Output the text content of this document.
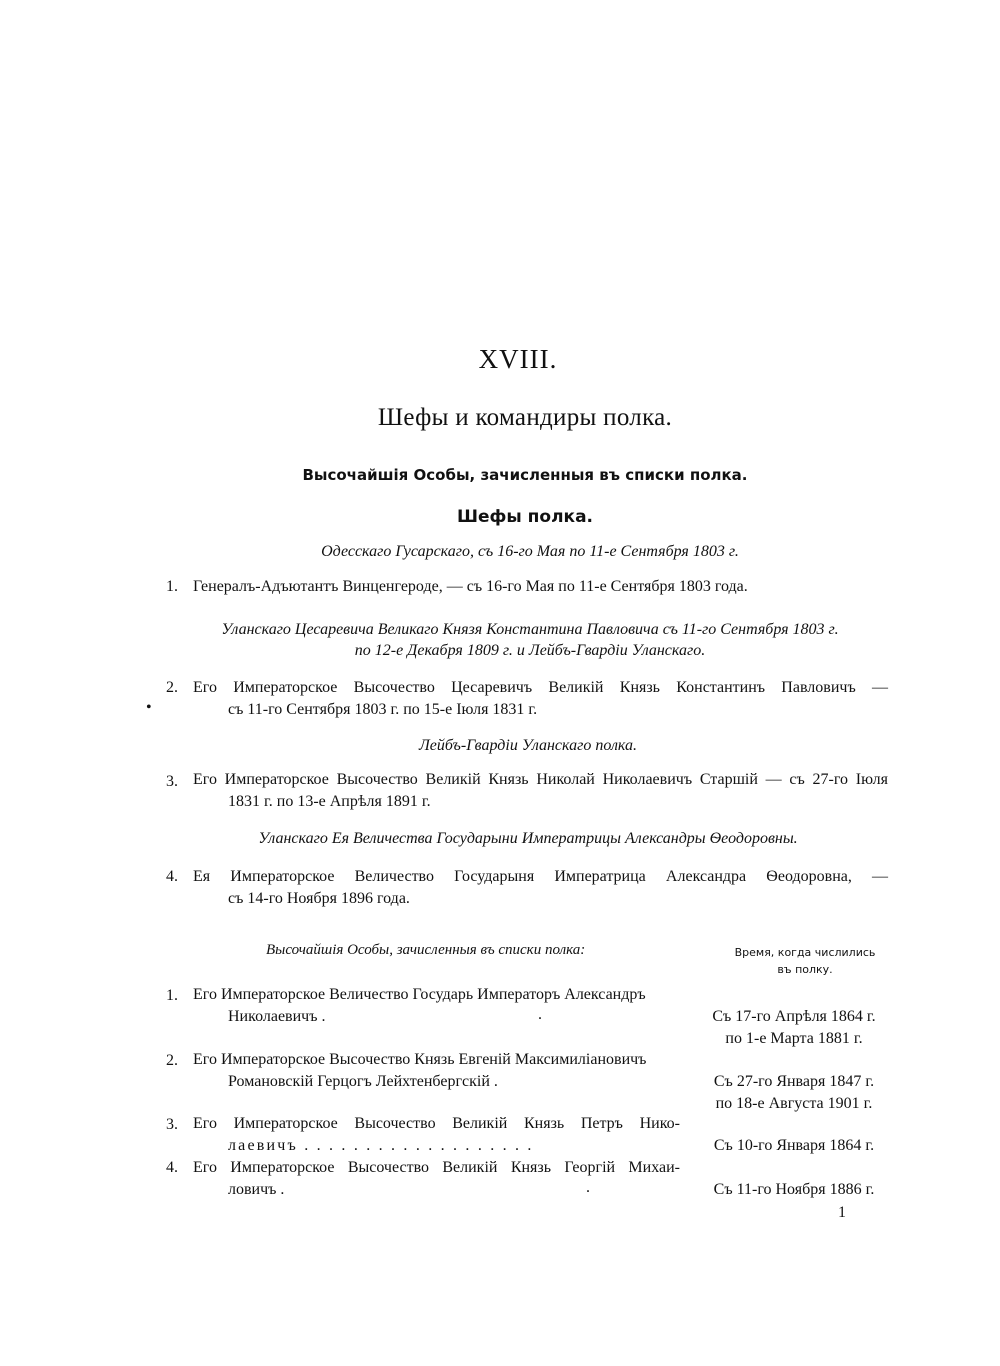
XVIII.
Шефы и командиры полка.
Высочайшія Особы, зачисленныя въ списки полка.
Шефы полка.
Одесскаго Гусарскаго, съ 16-го Мая по 11-е Сентября 1803 г.
1. Генералъ-Адъютантъ Винценгероде, — съ 16-го Мая по 11-е Сентября 1803 года.
Уланскаго Цесаревича Великаго Князя Константина Павловича съ 11-го Сентября 1803 г.
по 12-е Декабря 1809 г. и Лейбъ-Гвардіи Уланскаго.
2. Его Императорское Высочество Цесаревичъ Великій Князь Константинъ Павловичъ —
съ 11-го Сентября 1803 г. по 15-е Іюля 1831 г.
•
Лейбъ-Гвардіи Уланскаго полка.
3. Его Императорское Высочество Великій Князь Николай Николаевичъ Старшій — съ 27-го Іюля
1831 г. по 13-е Апрѣля 1891 г.
Уланскаго Ея Величества Государыни Императрицы Александры Ѳеодоровны.
4. Ея Императорское Величество Государыня Императрица Александра Ѳеодоровна, —
съ 14-го Ноября 1896 года.
Высочайшія Особы, зачисленныя въ списки полка:	Время, когда числились
въ полку.
1. Его Императорское Величество Государь Императоръ Александръ
Николаевичъ .	.	Съ 17-го Апрѣля 1864 г.
по 1-е Марта 1881 г.
2. Его Императорское Высочество Князь Евгеній Максимиліановичъ
Романовскій Герцогъ Лейхтенбергскій .	Съ 27-го Января 1847 г.
по 18-е Августа 1901 г.
3. Его Императорское Высочество Великій Князь Петръ Нико-
лаевичъ . . . . . . . . . . . . . . . . . . .	Съ 10-го Января 1864 г.
4. Его Императорское Высочество Великій Князь Георгій Михаи-
ловичъ .	.	Съ 11-го Ноября 1886 г.
1
